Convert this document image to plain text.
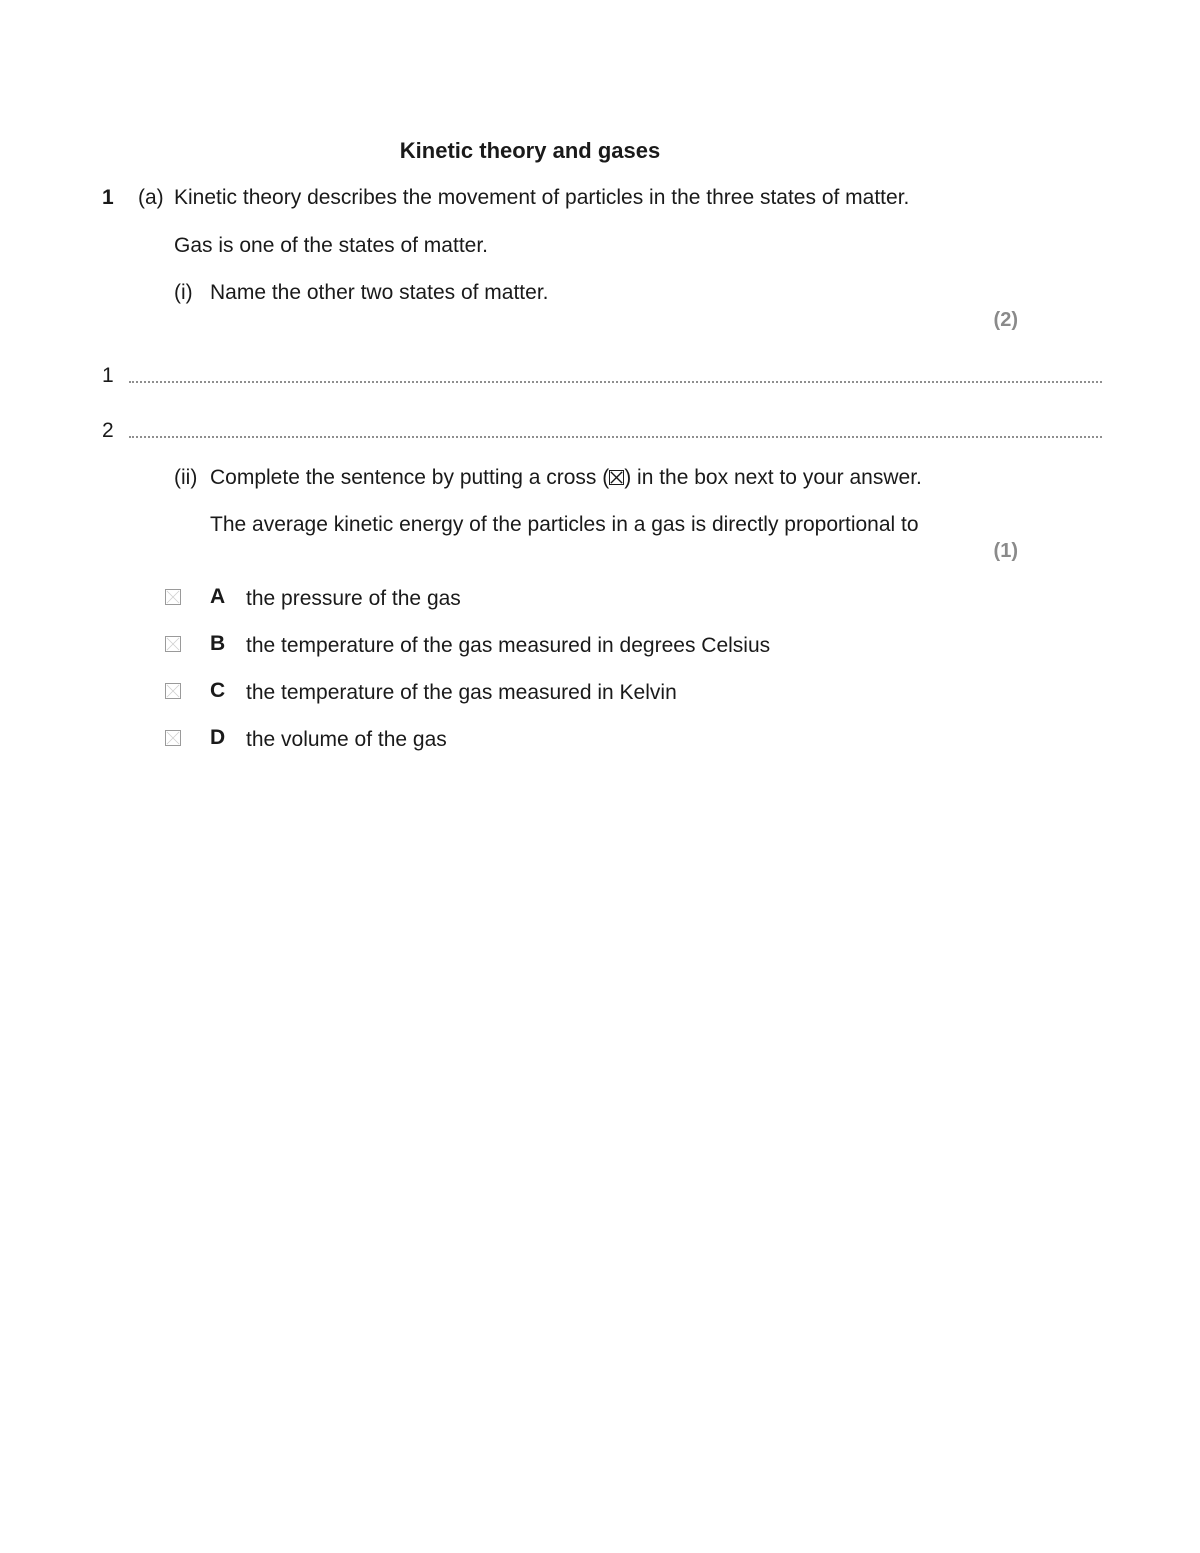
Kinetic theory and gases
1 (a) Kinetic theory describes the movement of particles in the three states of matter.
Gas is one of the states of matter.
(i) Name the other two states of matter.
(2)
1
2
(ii) Complete the sentence by putting a cross (☒) in the box next to your answer.
The average kinetic energy of the particles in a gas is directly proportional to
(1)
A the pressure of the gas
B the temperature of the gas measured in degrees Celsius
C the temperature of the gas measured in Kelvin
D the volume of the gas
